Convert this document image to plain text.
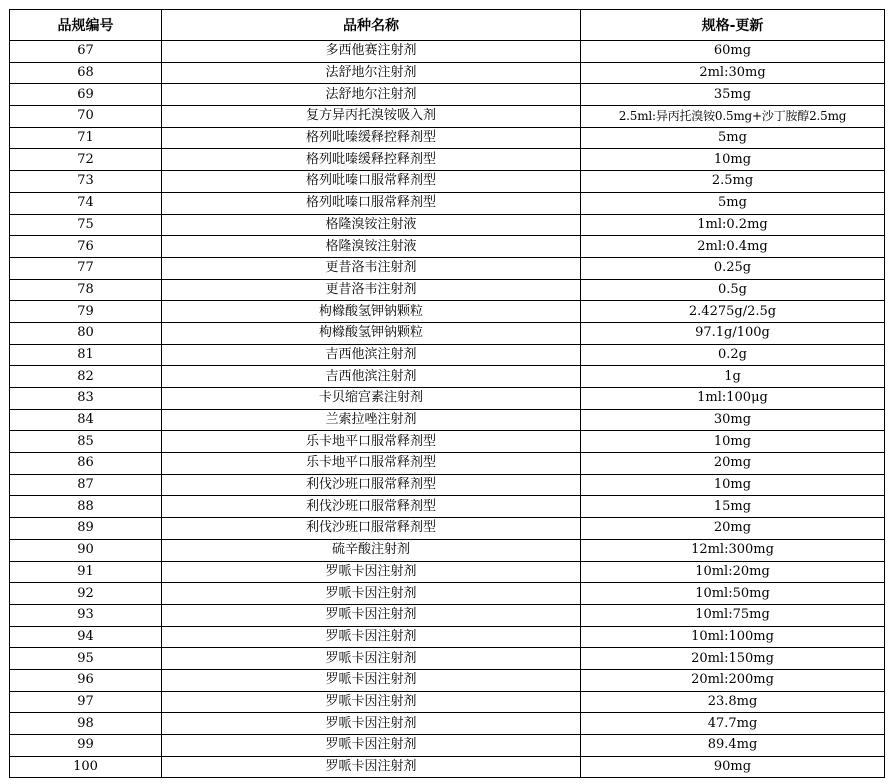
品规编号	品种名称	规格-更新
67	多西他赛注射剂	60mg
68	法舒地尔注射剂	2ml:30mg
69	法舒地尔注射剂	35mg
70	复方异丙托溴铵吸入剂	2.5ml:异丙托溴铵0.5mg+沙丁胺醇2.5mg
71	格列吡嗪缓释控释剂型	5mg
72	格列吡嗪缓释控释剂型	10mg
73	格列吡嗪口服常释剂型	2.5mg
74	格列吡嗪口服常释剂型	5mg
75	格隆溴铵注射液	1ml:0.2mg
76	格隆溴铵注射液	2ml:0.4mg
77	更昔洛韦注射剂	0.25g
78	更昔洛韦注射剂	0.5g
79	枸橼酸氢钾钠颗粒	2.4275g/2.5g
80	枸橼酸氢钾钠颗粒	97.1g/100g
81	吉西他滨注射剂	0.2g
82	吉西他滨注射剂	1g
83	卡贝缩宫素注射剂	1ml:100μg
84	兰索拉唑注射剂	30mg
85	乐卡地平口服常释剂型	10mg
86	乐卡地平口服常释剂型	20mg
87	利伐沙班口服常释剂型	10mg
88	利伐沙班口服常释剂型	15mg
89	利伐沙班口服常释剂型	20mg
90	硫辛酸注射剂	12ml:300mg
91	罗哌卡因注射剂	10ml:20mg
92	罗哌卡因注射剂	10ml:50mg
93	罗哌卡因注射剂	10ml:75mg
94	罗哌卡因注射剂	10ml:100mg
95	罗哌卡因注射剂	20ml:150mg
96	罗哌卡因注射剂	20ml:200mg
97	罗哌卡因注射剂	23.8mg
98	罗哌卡因注射剂	47.7mg
99	罗哌卡因注射剂	89.4mg
100	罗哌卡因注射剂	90mg
